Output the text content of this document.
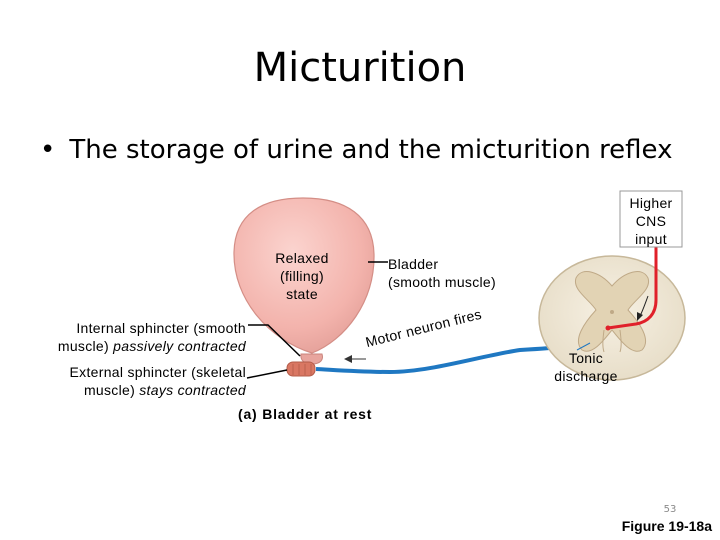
Micturition
• The storage of urine and the micturition reflex
Higher
CNS
input
Relaxed
(filling)
state
Bladder
(smooth muscle)
Internal sphincter (smooth
muscle) passively contracted
External sphincter (skeletal
muscle) stays contracted
Motor neuron fires
Tonic
discharge
(a) Bladder at rest
53
Figure 19-18a
